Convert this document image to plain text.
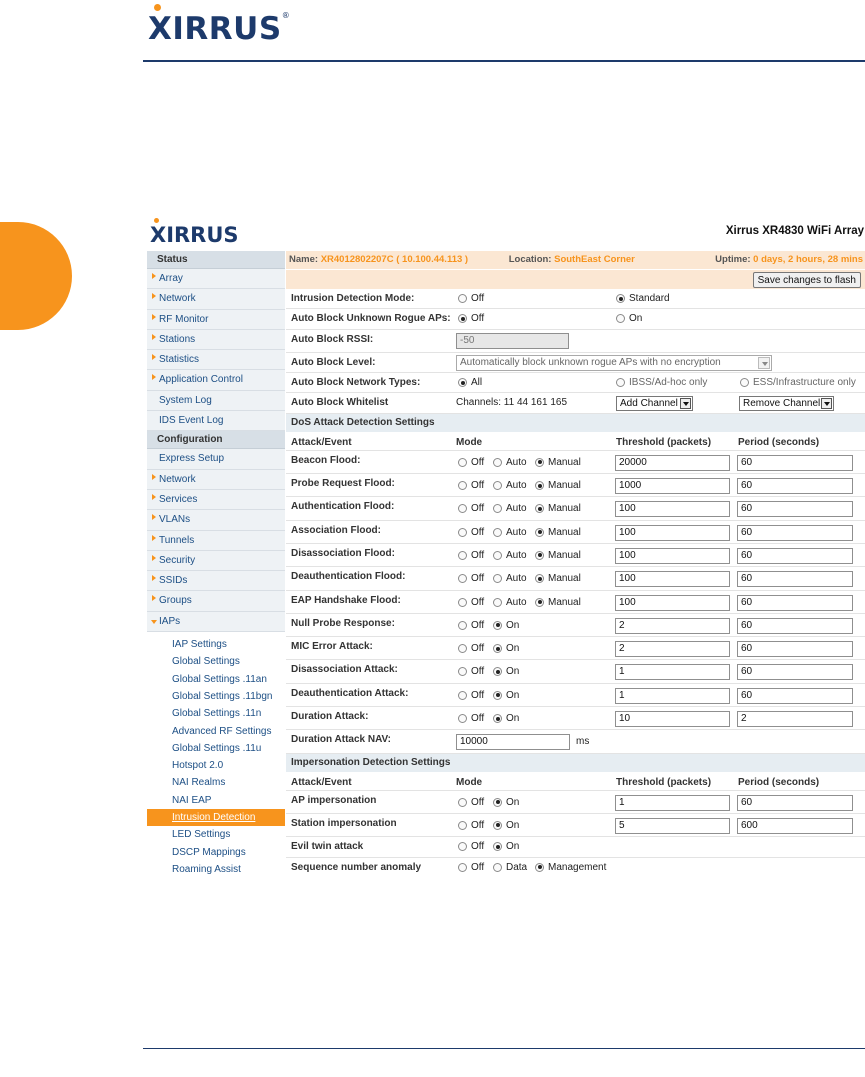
XIRRUS®
XIRRUS	Xirrus XR4830 WiFi Array
Status
Array
Network
RF Monitor
Stations
Statistics
Application Control
System Log
IDS Event Log
Configuration
Express Setup
Network
Services
VLANs
Tunnels
Security
SSIDs
Groups
IAPs
IAP Settings
Global Settings
Global Settings .11an
Global Settings .11bgn
Global Settings .11n
Advanced RF Settings
Global Settings .11u
Hotspot 2.0
NAI Realms
NAI EAP
Intrusion Detection
LED Settings
DSCP Mappings
Roaming Assist
Name: XR4012802207C ( 10.100.44.113 )	Location: SouthEast Corner	Uptime: 0 days, 2 hours, 28 mins
Save changes to flash
Intrusion Detection Mode:	Off	Standard
Auto Block Unknown Rogue APs: Off	On
Auto Block RSSI:	-50
Auto Block Level:	Automatically block unknown rogue APs with no encryption
Auto Block Network Types:	All	IBSS/Ad-hoc only	ESS/Infrastructure only
Auto Block Whitelist	Channels: 11 44 161 165	Add Channel	Remove Channel
DoS Attack Detection Settings
Attack/Event	Mode	Threshold (packets)	Period (seconds)
Beacon Flood:	Off Auto Manual	20000	60
Probe Request Flood:	Off Auto Manual	1000	60
Authentication Flood:	Off Auto Manual	100	60
Association Flood:	Off Auto Manual	100	60
Disassociation Flood:	Off Auto Manual	100	60
Deauthentication Flood:	Off Auto Manual	100	60
EAP Handshake Flood:	Off Auto Manual	100	60
Null Probe Response:	Off On	2	60
MIC Error Attack:	Off On	2	60
Disassociation Attack:	Off On	1	60
Deauthentication Attack:	Off On	1	60
Duration Attack:	Off On	10	2
Duration Attack NAV:	10000	ms
Impersonation Detection Settings
Attack/Event	Mode	Threshold (packets)	Period (seconds)
AP impersonation	Off On	1	60
Station impersonation	Off On	5	600
Evil twin attack	Off On
Sequence number anomaly	Off Data Management
